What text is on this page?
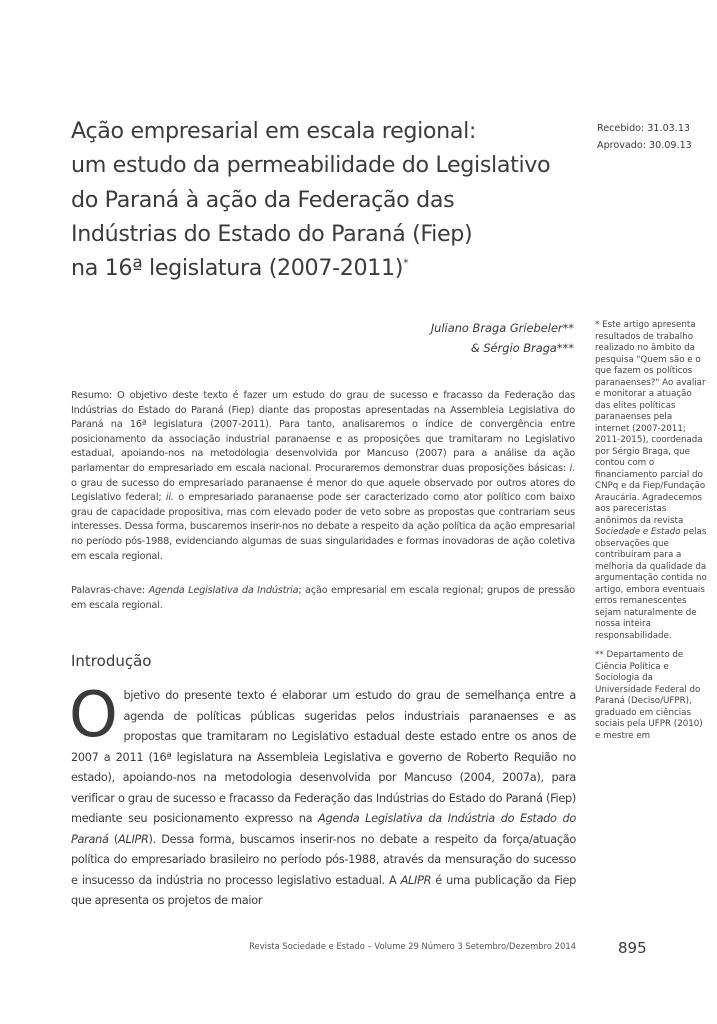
Ação empresarial em escala regional:
um estudo da permeabilidade do Legislativo
do Paraná à ação da Federação das
Indústrias do Estado do Paraná (Fiep)
na 16ª legislatura (2007-2011)*
Recebido: 31.03.13
Aprovado: 30.09.13
Juliano Braga Griebeler**
& Sérgio Braga***
Resumo: O objetivo deste texto é fazer um estudo do grau de sucesso e fracasso da Federação das Indústrias do Estado do Paraná (Fiep) diante das propostas apresentadas na Assembleia Legislativa do Paraná na 16ª legislatura (2007-2011). Para tanto, analisaremos o índice de convergência entre posicionamento da associação industrial paranaense e as proposições que tramitaram no Legislativo estadual, apoiando-nos na metodologia desenvolvida por Mancuso (2007) para a análise da ação parlamentar do empresariado em escala nacional. Procuraremos demonstrar duas proposições básicas: i. o grau de sucesso do empresariado paranaense é menor do que aquele observado por outros atores do Legislativo federal; ii. o empresariado paranaense pode ser caracterizado como ator político com baixo grau de capacidade propositiva, mas com elevado poder de veto sobre as propostas que contrariam seus interesses. Dessa forma, buscaremos inserir-nos no debate a respeito da ação política da ação empresarial no período pós-1988, evidenciando algumas de suas singularidades e formas inovadoras de ação coletiva em escala regional.
Palavras-chave: Agenda Legislativa da Indústria; ação empresarial em escala regional; grupos de pressão em escala regional.
Introdução
Objetivo do presente texto é elaborar um estudo do grau de semelhança entre a agenda de políticas públicas sugeridas pelos industriais paranaenses e as propostas que tramitaram no Legislativo estadual deste estado entre os anos de 2007 a 2011 (16ª legislatura na Assembleia Legislativa e governo de Roberto Requião no estado), apoiando-nos na metodologia desenvolvida por Mancuso (2004, 2007a), para verificar o grau de sucesso e fracasso da Federação das Indústrias do Estado do Paraná (Fiep) mediante seu posicionamento expresso na Agenda Legislativa da Indústria do Estado do Paraná (ALIPR). Dessa forma, buscamos inserir-nos no debate a respeito da força/atuação política do empresariado brasileiro no período pós-1988, através da mensuração do sucesso e insucesso da indústria no processo legislativo estadual. A ALIPR é uma publicação da Fiep que apresenta os projetos de maior

* Este artigo apresenta resultados de trabalho realizado no âmbito da pesquisa "Quem são e o que fazem os políticos paranaenses?" Ao avaliar e monitorar a atuação das elites políticas paranaenses pela internet (2007-2011; 2011-2015), coordenada por Sérgio Braga, que contou com o financiamento parcial do CNPq e da Fiep/Fundação Araucária. Agradecemos aos pareceristas anônimos da revista Sociedade e Estado pelas observações que contribuíram para a melhoria da qualidade da argumentação contida no artigo, embora eventuais erros remanescentes sejam naturalmente de nossa inteira responsabilidade.

** Departamento de Ciência Política e Sociologia da Universidade Federal do Paraná (Deciso/UFPR), graduado em ciências sociais pela UFPR (2010) e mestre em

Revista Sociedade e Estado – Volume 29 Número 3 Setembro/Dezembro 2014	895
